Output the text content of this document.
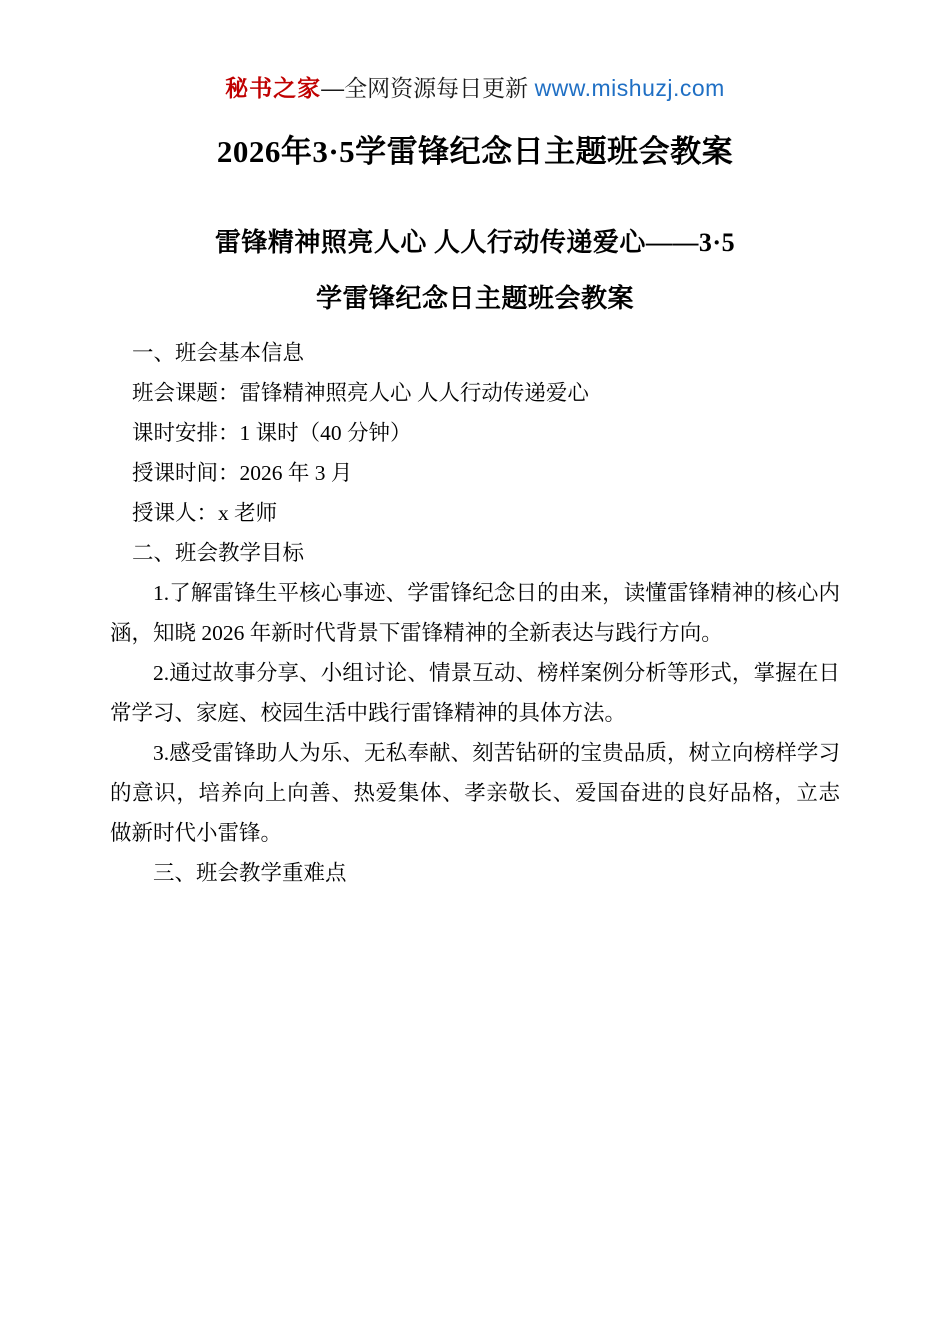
秘书之家—全网资源每日更新 www.mishuzj.com
2026年3·5学雷锋纪念日主题班会教案
雷锋精神照亮人心 人人行动传递爱心——3·5
学雷锋纪念日主题班会教案

一、班会基本信息

班会课题：雷锋精神照亮人心 人人行动传递爱心

课时安排：1 课时（40 分钟）

授课时间：2026 年 3 月

授课人：x 老师

二、班会教学目标

1.了解雷锋生平核心事迹、学雷锋纪念日的由来，读懂雷锋精神的核心内涵，知晓 2026 年新时代背景下雷锋精神的全新表达与践行方向。

2.通过故事分享、小组讨论、情景互动、榜样案例分析等形式，掌握在日常学习、家庭、校园生活中践行雷锋精神的具体方法。

3.感受雷锋助人为乐、无私奉献、刻苦钻研的宝贵品质，树立向榜样学习的意识，培养向上向善、热爱集体、孝亲敬长、爱国奋进的良好品格，立志做新时代小雷锋。

三、班会教学重难点
